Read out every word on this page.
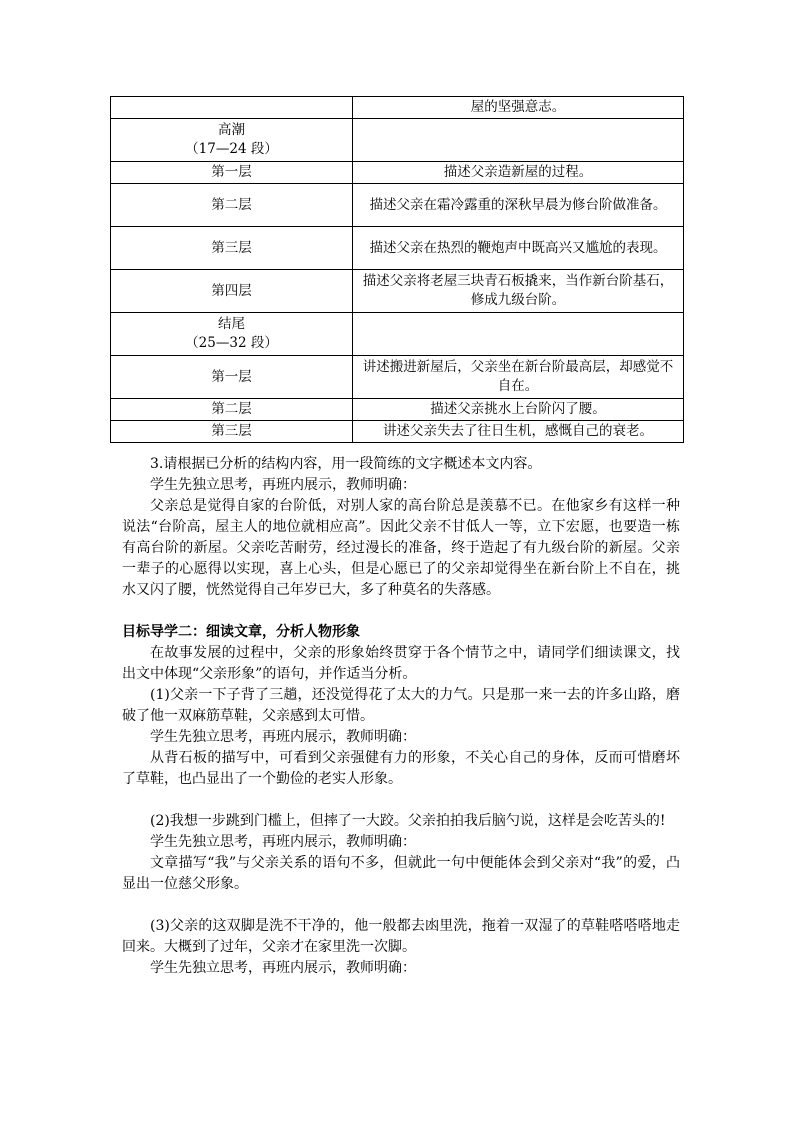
	屋的坚强意志。
高潮
（17—24 段）	
第一层	描述父亲造新屋的过程。
第二层	描述父亲在霜冷露重的深秋早晨为修台阶做准备。
第三层	描述父亲在热烈的鞭炮声中既高兴又尴尬的表现。
第四层	描述父亲将老屋三块青石板撬来，当作新台阶基石，修成九级台阶。
结尾
（25—32 段）	
第一层	讲述搬进新屋后，父亲坐在新台阶最高层，却感觉不自在。
第二层	描述父亲挑水上台阶闪了腰。
第三层	讲述父亲失去了往日生机，感慨自己的衰老。

3.请根据已分析的结构内容，用一段简练的文字概述本文内容。

学生先独立思考，再班内展示，教师明确：

父亲总是觉得自家的台阶低，对别人家的高台阶总是羡慕不已。在他家乡有这样一种说法“台阶高，屋主人的地位就相应高”。因此父亲不甘低人一等，立下宏愿，也要造一栋有高台阶的新屋。父亲吃苦耐劳，经过漫长的准备，终于造起了有九级台阶的新屋。父亲一辈子的心愿得以实现，喜上心头，但是心愿已了的父亲却觉得坐在新台阶上不自在，挑水又闪了腰，恍然觉得自己年岁已大，多了种莫名的失落感。

目标导学二：细读文章，分析人物形象

在故事发展的过程中，父亲的形象始终贯穿于各个情节之中，请同学们细读课文，找出文中体现“父亲形象”的语句，并作适当分析。

(1)父亲一下子背了三趟，还没觉得花了太大的力气。只是那一来一去的许多山路，磨破了他一双麻筋草鞋，父亲感到太可惜。

学生先独立思考，再班内展示，教师明确：

从背石板的描写中，可看到父亲强健有力的形象，不关心自己的身体，反而可惜磨坏了草鞋，也凸显出了一个勤俭的老实人形象。

(2)我想一步跳到门槛上，但摔了一大跤。父亲拍拍我后脑勺说，这样是会吃苦头的!

学生先独立思考，再班内展示，教师明确：

文章描写“我”与父亲关系的语句不多，但就此一句中便能体会到父亲对“我”的爱，凸显出一位慈父形象。

(3)父亲的这双脚是洗不干净的，他一般都去凼里洗，拖着一双湿了的草鞋嗒嗒嗒地走回来。大概到了过年，父亲才在家里洗一次脚。

学生先独立思考，再班内展示，教师明确：
